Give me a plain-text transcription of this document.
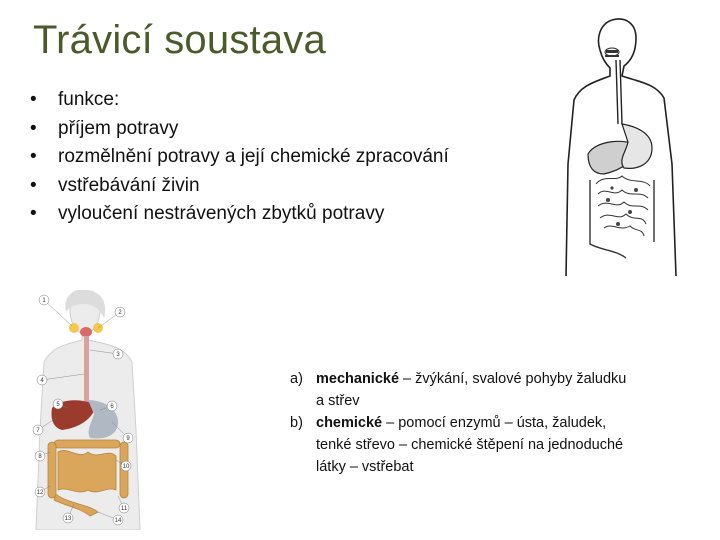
Trávicí soustava
• funkce:
• příjem potravy
• rozmělnění potravy a její chemické zpracování
• vstřebávání živin
• vyloučení nestrávených zbytků potravy
1
2
3
4
5	6
7
8
9
10
11
12
13	14
a) mechanické – žvýkání, svalové pohyby žaludku a střev
b) chemické – pomocí enzymů – ústa, žaludek, tenké střevo – chemické štěpení na jednoduché látky – vstřebat
